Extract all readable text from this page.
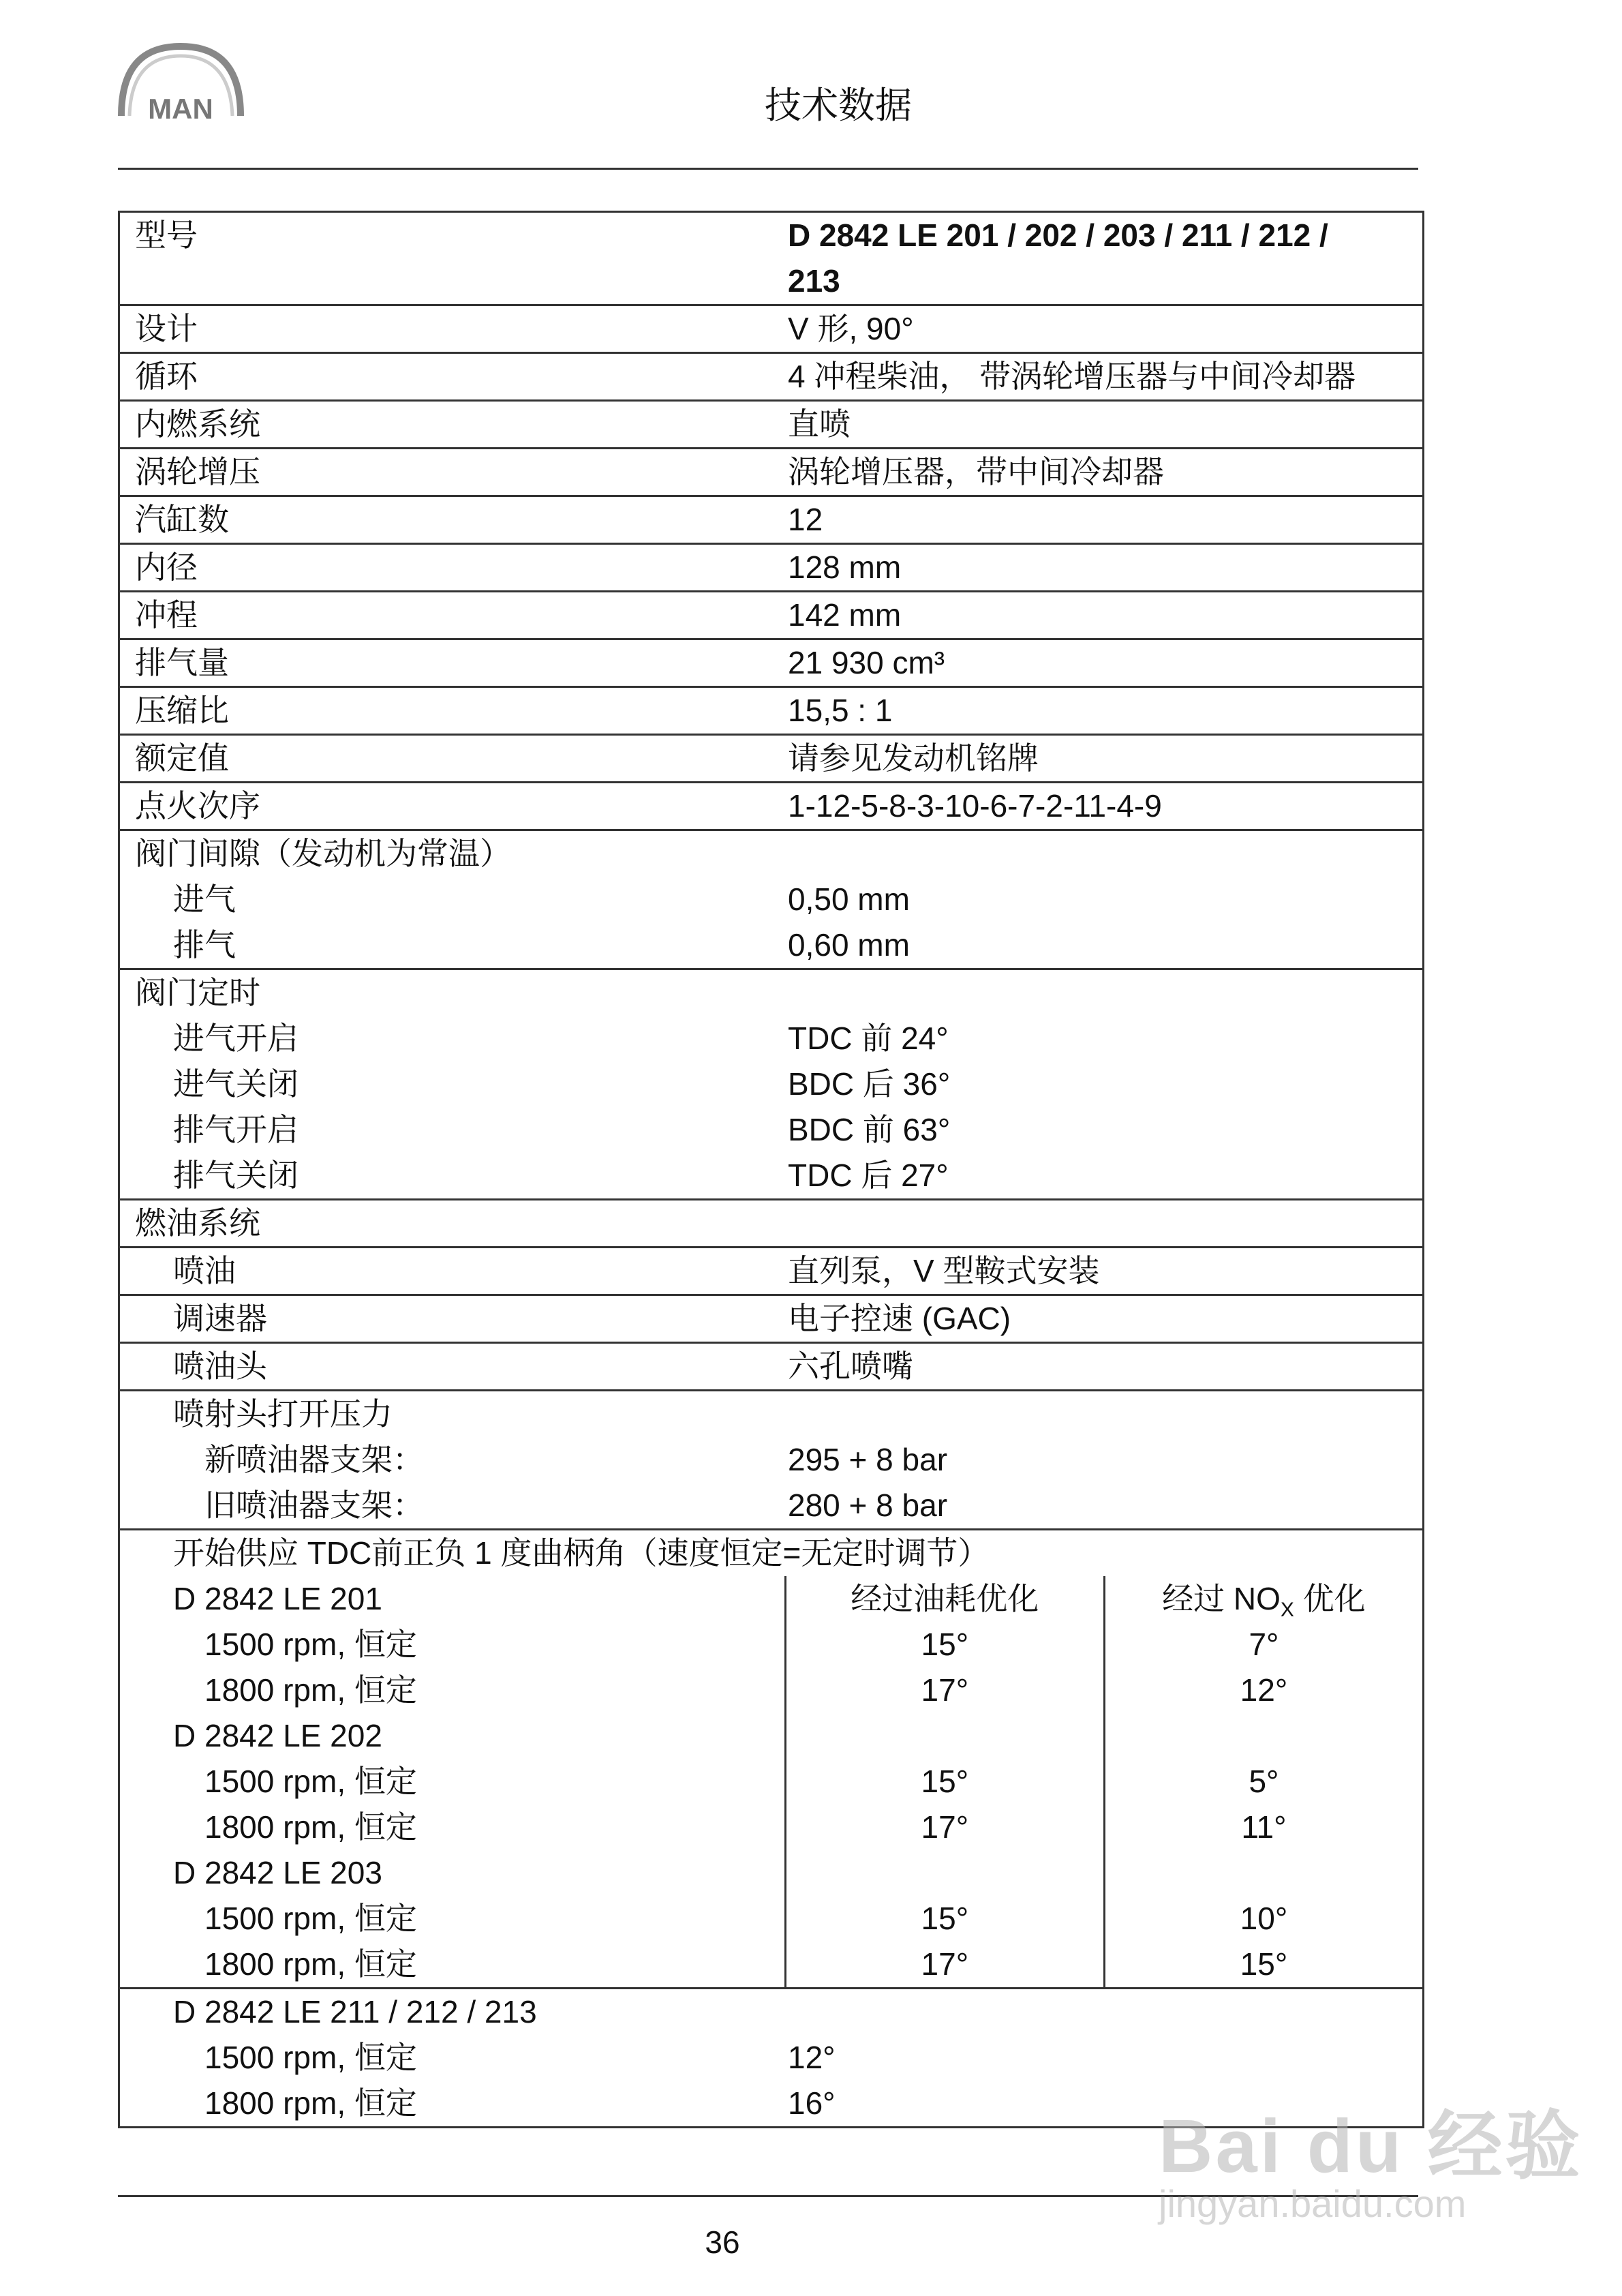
MAN	技术数据
型号	D 2842 LE 201 / 202 / 203 / 211 / 212 /
213
设计	V 形, 90°
循环	4 冲程柴油， 带涡轮增压器与中间冷却器
内燃系统	直喷
涡轮增压	涡轮增压器，带中间冷却器
汽缸数	12
内径	128 mm
冲程	142 mm
排气量	21 930 cm³
压缩比	15,5 : 1
额定值	请参见发动机铭牌
点火次序	1-12-5-8-3-10-6-7-2-11-4-9
阀门间隙（发动机为常温）
进气	0,50 mm
排气	0,60 mm
阀门定时
进气开启	TDC 前 24°
进气关闭	BDC 后 36°
排气开启	BDC 前 63°
排气关闭	TDC 后 27°
燃油系统
喷油	直列泵，V 型鞍式安装
调速器	电子控速 (GAC)
喷油头	六孔喷嘴
喷射头打开压力
新喷油器支架：	295 + 8 bar
旧喷油器支架：	280 + 8 bar
开始供应 TDC前正负 1 度曲柄角（速度恒定=无定时调节）
D 2842 LE 201	经过油耗优化	经过 $NO_X$ 优化
1500 rpm, 恒定	15°	7°
1800 rpm, 恒定	17°	12°
D 2842 LE 202
1500 rpm, 恒定	15°	5°
1800 rpm, 恒定	17°	11°
D 2842 LE 203
1500 rpm, 恒定	15°	10°
1800 rpm, 恒定	17°	15°
D 2842 LE 211 / 212 / 213
1500 rpm, 恒定	12°
1800 rpm, 恒定	16°
36
Bai du 经验
jingyan.baidu.com
